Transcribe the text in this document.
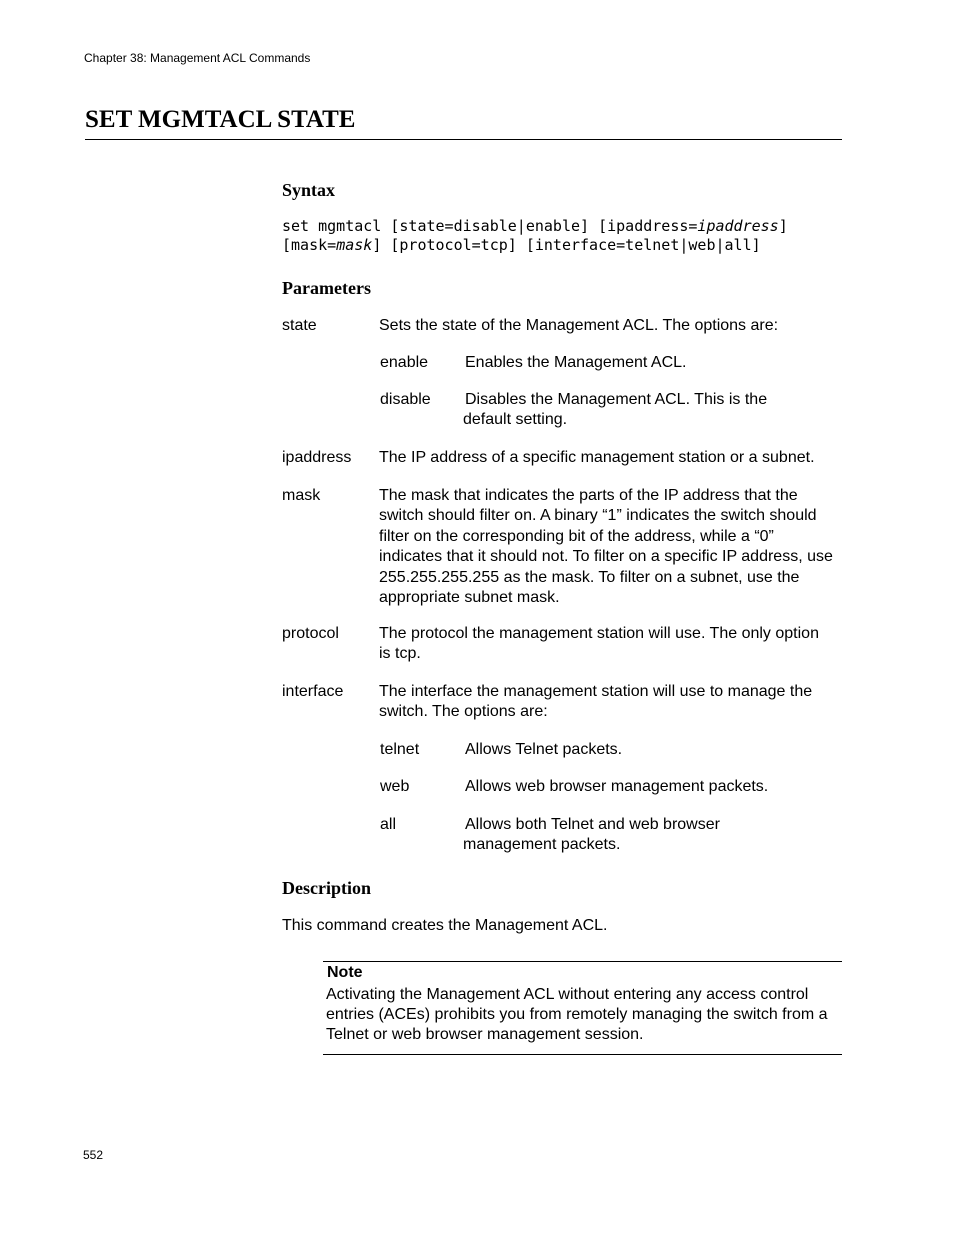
Chapter 38: Management ACL Commands
SET MGMTACL STATE
Syntax
set mgmtacl [state=disable|enable] [ipaddress=ipaddress]
[mask=mask] [protocol=tcp] [interface=telnet|web|all]
Parameters
state	Sets the state of the Management ACL. The options are:
enable Enables the Management ACL.
disable Disables the Management ACL. This is the default setting.
ipaddress The IP address of a specific management station or a subnet.
mask	The mask that indicates the parts of the IP address that the switch should filter on. A binary “1” indicates the switch should filter on the corresponding bit of the address, while a “0” indicates that it should not. To filter on a specific IP address, use 255.255.255.255 as the mask. To filter on a subnet, use the appropriate subnet mask.
protocol	The protocol the management station will use. The only option is tcp.
interface The interface the management station will use to manage the switch. The options are:
telnet	Allows Telnet packets.
web	Allows web browser management packets.
all	Allows both Telnet and web browser management packets.
Description
This command creates the Management ACL.
Note
Activating the Management ACL without entering any access control entries (ACEs) prohibits you from remotely managing the switch from a Telnet or web browser management session.
552
